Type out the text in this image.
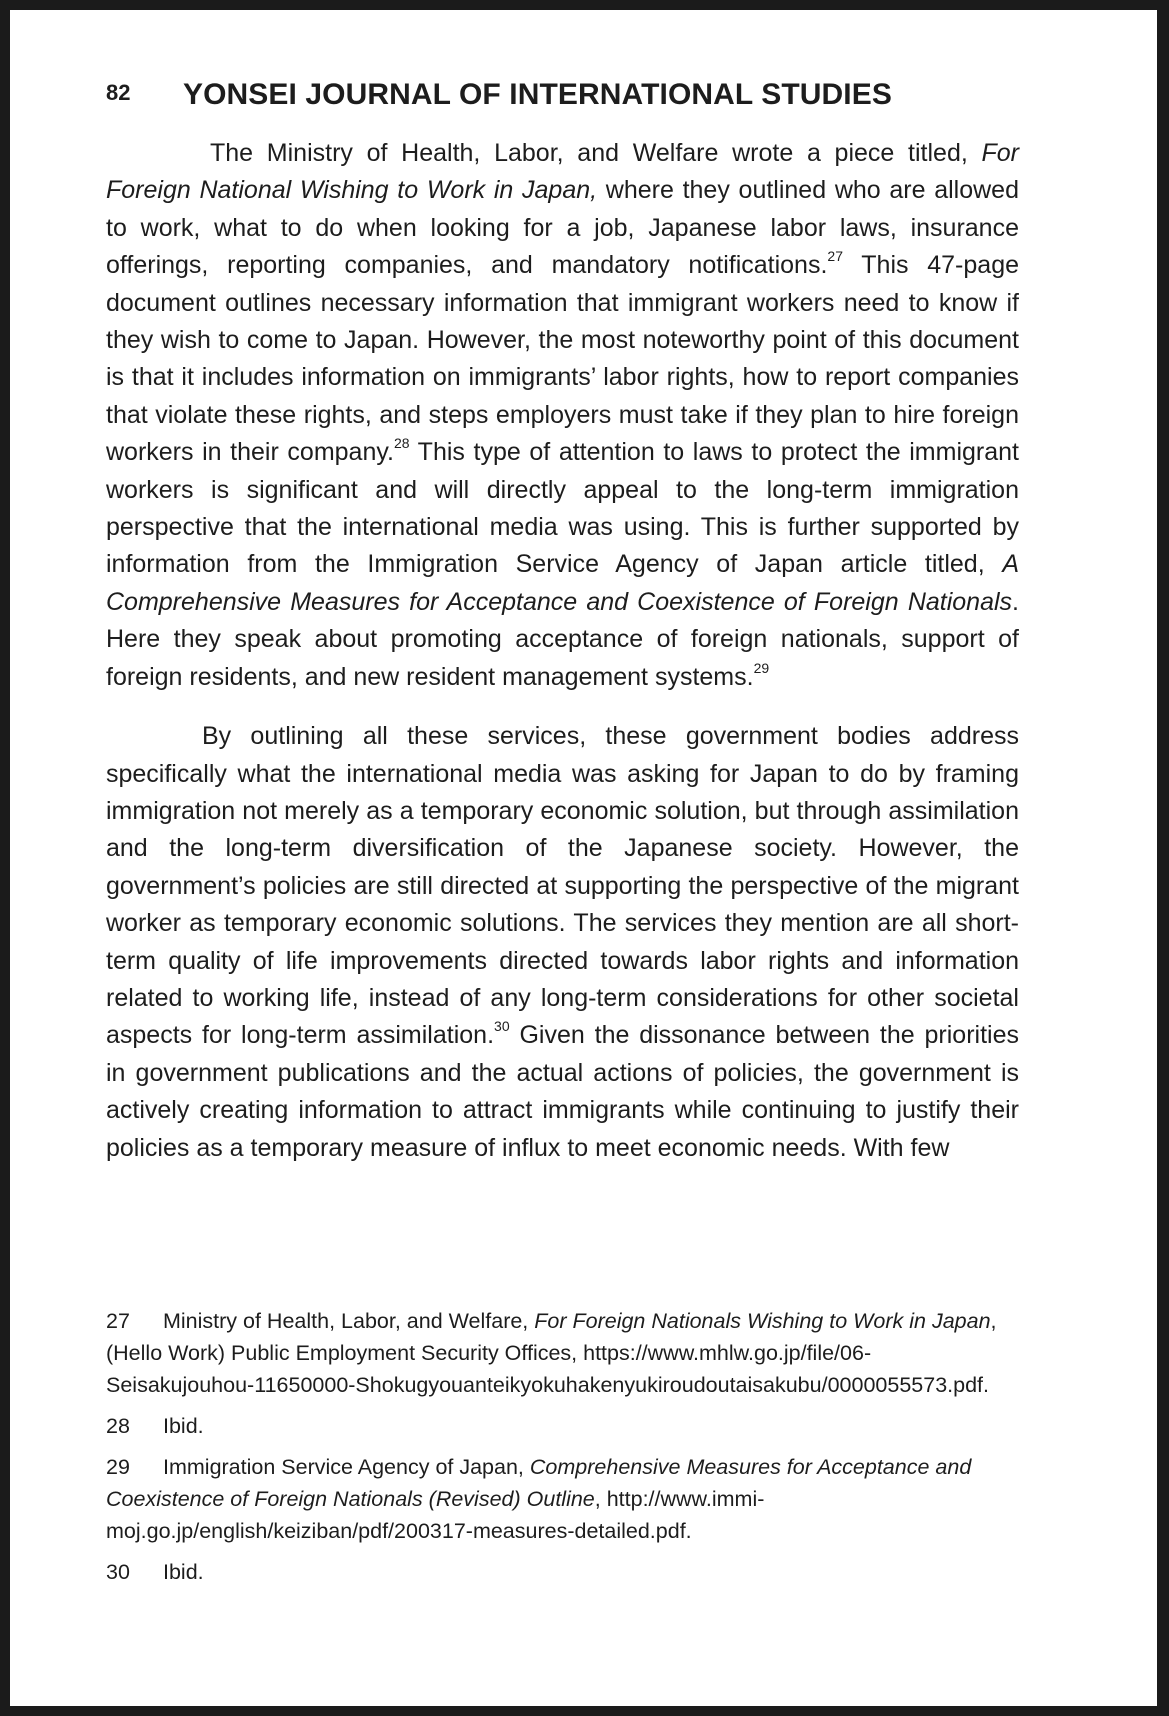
82 YONSEI JOURNAL OF INTERNATIONAL STUDIES

The Ministry of Health, Labor, and Welfare wrote a piece titled, For Foreign National Wishing to Work in Japan, where they outlined who are allowed to work, what to do when looking for a job, Japanese labor laws, insurance offerings, reporting companies, and mandatory notifications.$^{27}$ This 47-page document outlines necessary information that immigrant workers need to know if they wish to come to Japan. However, the most noteworthy point of this document is that it includes information on immigrants’ labor rights, how to report companies that violate these rights, and steps employers must take if they plan to hire foreign workers in their company.$^{28}$ This type of attention to laws to protect the immigrant workers is significant and will directly appeal to the long-term immigration perspective that the international media was using. This is further supported by information from the Immigration Service Agency of Japan article titled, A Comprehensive Measures for Acceptance and Coexistence of Foreign Nationals. Here they speak about promoting acceptance of foreign nationals, support of foreign residents, and new resident management systems.$^{29}$

By outlining all these services, these government bodies address specifically what the international media was asking for Japan to do by framing immigration not merely as a temporary economic solution, but through assimilation and the long-term diversification of the Japanese society. However, the government’s policies are still directed at supporting the perspective of the migrant worker as temporary economic solutions. The services they mention are all short-term quality of life improvements directed towards labor rights and information related to working life, instead of any long-term considerations for other societal aspects for long-term assimilation.$^{30}$ Given the dissonance between the priorities in government publications and the actual actions of policies, the government is actively creating information to attract immigrants while continuing to justify their policies as a temporary measure of influx to meet economic needs. With few

27 Ministry of Health, Labor, and Welfare, For Foreign Nationals Wishing to Work in Japan, (Hello Work) Public Employment Security Offices, https://www.mhlw.go.jp/file/06-Seisakujouhou-11650000-Shokugyouanteikyokuhakenyukiroudoutaisakubu/0000055573.pdf.

28 Ibid.

29 Immigration Service Agency of Japan, Comprehensive Measures for Acceptance and Coexistence of Foreign Nationals (Revised) Outline, http://www.immi-moj.go.jp/english/keiziban/pdf/200317-measures-detailed.pdf.

30 Ibid.
